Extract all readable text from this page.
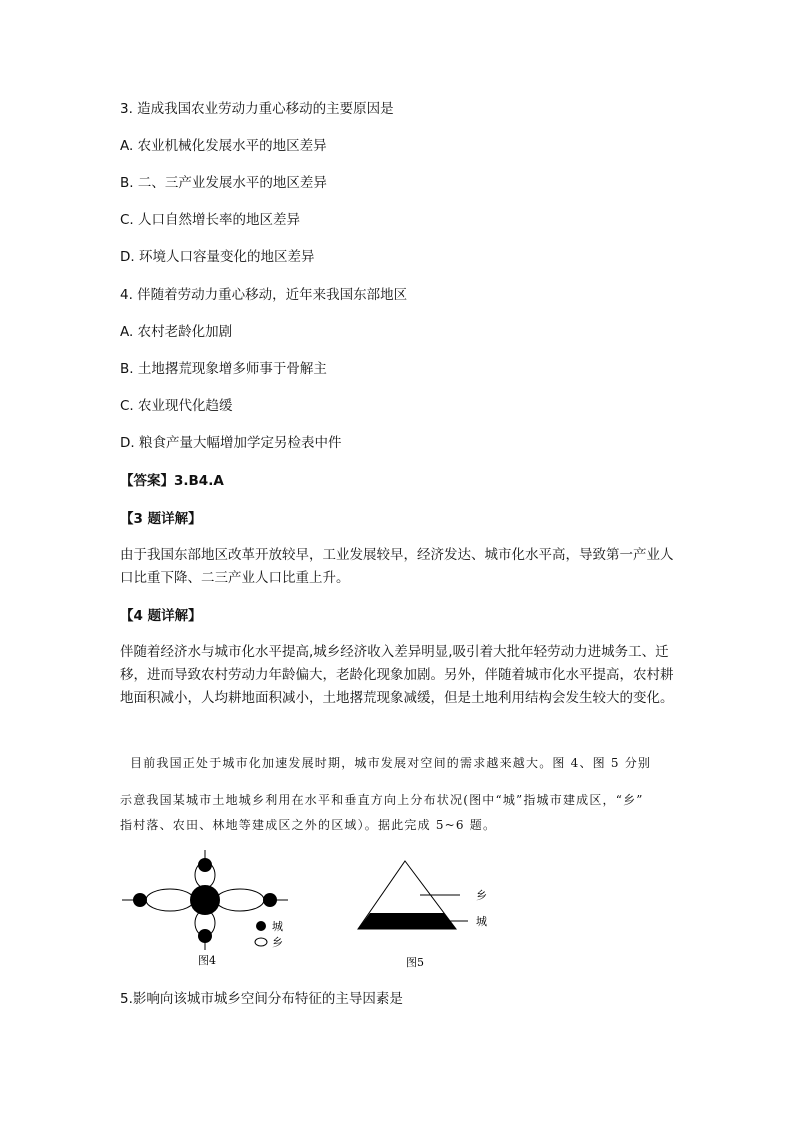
3. 造成我国农业劳动力重心移动的主要原因是
A. 农业机械化发展水平的地区差异
B. 二、三产业发展水平的地区差异
C. 人口自然增长率的地区差异
D. 环境人口容量变化的地区差异
4. 伴随着劳动力重心移动，近年来我国东部地区
A. 农村老龄化加剧
B. 土地撂荒现象增多师事于骨解主
C. 农业现代化趋缓
D. 粮食产量大幅增加学定另检表中件
【答案】3.B4.A
【3 题详解】
由于我国东部地区改革开放较早，工业发展较早，经济发达、城市化水平高，导致第一产业人口比重下降、二三产业人口比重上升。
【4 题详解】
伴随着经济水与城市化水平提高,城乡经济收入差异明显,吸引着大批年轻劳动力进城务工、迁移，进而导致农村劳动力年龄偏大，老龄化现象加剧。另外，伴随着城市化水平提高，农村耕地面积减小，人均耕地面积减小，土地撂荒现象减缓，但是土地利用结构会发生较大的变化。
目前我国正处于城市化加速发展时期，城市发展对空间的需求越来越大。图 4、图 5 分别
示意我国某城市土地城乡利用在水平和垂直方向上分布状况(图中“城”指城市建成区，“乡”
指村落、农田、林地等建成区之外的区域）。据此完成 5~6 题。
城
乡
图4
乡
城
图5
5.影响向该城市城乡空间分布特征的主导因素是
